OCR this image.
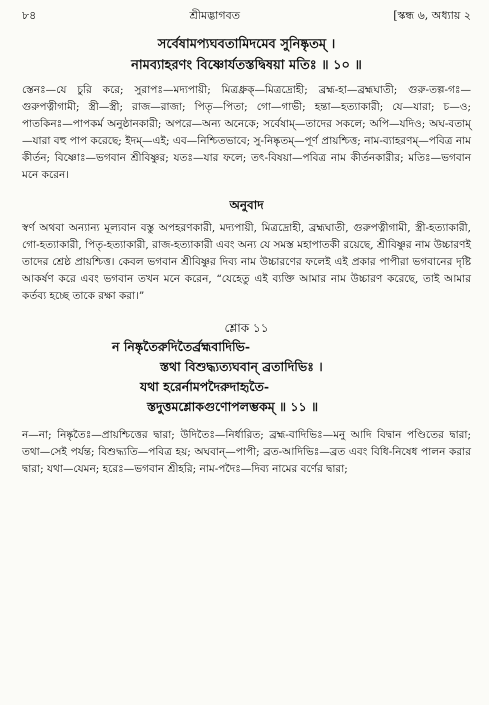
৮৪	শ্রীমদ্ভাগবত	[স্কন্ধ ৬, অধ্যায় ২
সর্বেষামপ্যঘবতামিদমেব সুনিষ্কৃতম্ ।
নামব্যাহরণং বিষ্ণোর্যতস্তদ্বিষয়া মতিঃ ॥ ১০ ॥

স্তেনঃ—যে চুরি করে; সুরাপঃ—মদ্যপায়ী; মিত্রধ্রুক্—মিত্রদ্রোহী; ব্রহ্ম-হা—ব্রহ্মঘাতী; গুরু-তল্প-গঃ—গুরুপত্নীগামী; স্ত্রী—স্ত্রী; রাজ—রাজা; পিতৃ—পিতা; গো—গাভী; হন্তা—হত্যাকারী; যে—যারা; চ—ও; পাতকিনঃ—পাপকর্ম অনুষ্ঠানকারী; অপরে—অন্য অনেকে; সর্বেষাম্—তাদের সকলে; অপি—যদিও; অঘ-বতাম্—যারা বহু পাপ করেছে; ইদম্—এই; এব—নিশ্চিতভাবে; সু-নিষ্কৃতম্—পূর্ণ প্রায়শ্চিত্ত; নাম-ব্যাহরণম্—পবিত্র নাম কীর্তন; বিষ্ণোঃ—ভগবান শ্রীবিষ্ণুর; যতঃ—যার ফলে; তৎ-বিষয়া—পবিত্র নাম কীর্তনকারীর; মতিঃ—ভগবান মনে করেন।

অনুবাদ

স্বর্ণ অথবা অন্যান্য মূল্যবান বস্তু অপহরণকারী, মদ্যপায়ী, মিত্রদ্রোহী, ব্রহ্মঘাতী, গুরুপত্নীগামী, স্ত্রী-হত্যাকারী, গো-হত্যাকারী, পিতৃ-হত্যাকারী, রাজ-হত্যাকারী এবং অন্য যে সমস্ত মহাপাতকী রয়েছে, শ্রীবিষ্ণুর নাম উচ্চারণই তাদের শ্রেষ্ঠ প্রায়শ্চিত্ত। কেবল ভগবান শ্রীবিষ্ণুর দিব্য নাম উচ্চারণের ফলেই এই প্রকার পাপীরা ভগবানের দৃষ্টি আকর্ষণ করে এবং ভগবান তখন মনে করেন, “যেহেতু এই ব্যক্তি আমার নাম উচ্চারণ করেছে, তাই আমার কর্তব্য হচ্ছে তাকে রক্ষা করা।”

শ্লোক ১১
ন নিষ্কৃতৈরুদিতৈর্ব্রহ্মবাদিভি-
স্তথা বিশুদ্ধ্যত্যঘবান্ ব্রতাদিভিঃ ।
যথা হরের্নামপদৈরুদাহৃতৈ-
স্তদুত্তমশ্লোকগুণোপলম্ভকম্ ॥ ১১ ॥

ন—না; নিষ্কৃতৈঃ—প্রায়শ্চিত্তের দ্বারা; উদিতৈঃ—নির্ধারিত; ব্রহ্ম-বাদিভিঃ—মনু আদি বিদ্বান পণ্ডিতের দ্বারা; তথা—সেই পর্যন্ত; বিশুদ্ধ্যতি—পবিত্র হয়; অঘবান্—পাপী; ব্রত-আদিভিঃ—ব্রত এবং বিধি-নিষেধ পালন করার দ্বারা; যথা—যেমন; হরেঃ—ভগবান শ্রীহরি; নাম-পদৈঃ—দিব্য নামের বর্ণের দ্বারা;
